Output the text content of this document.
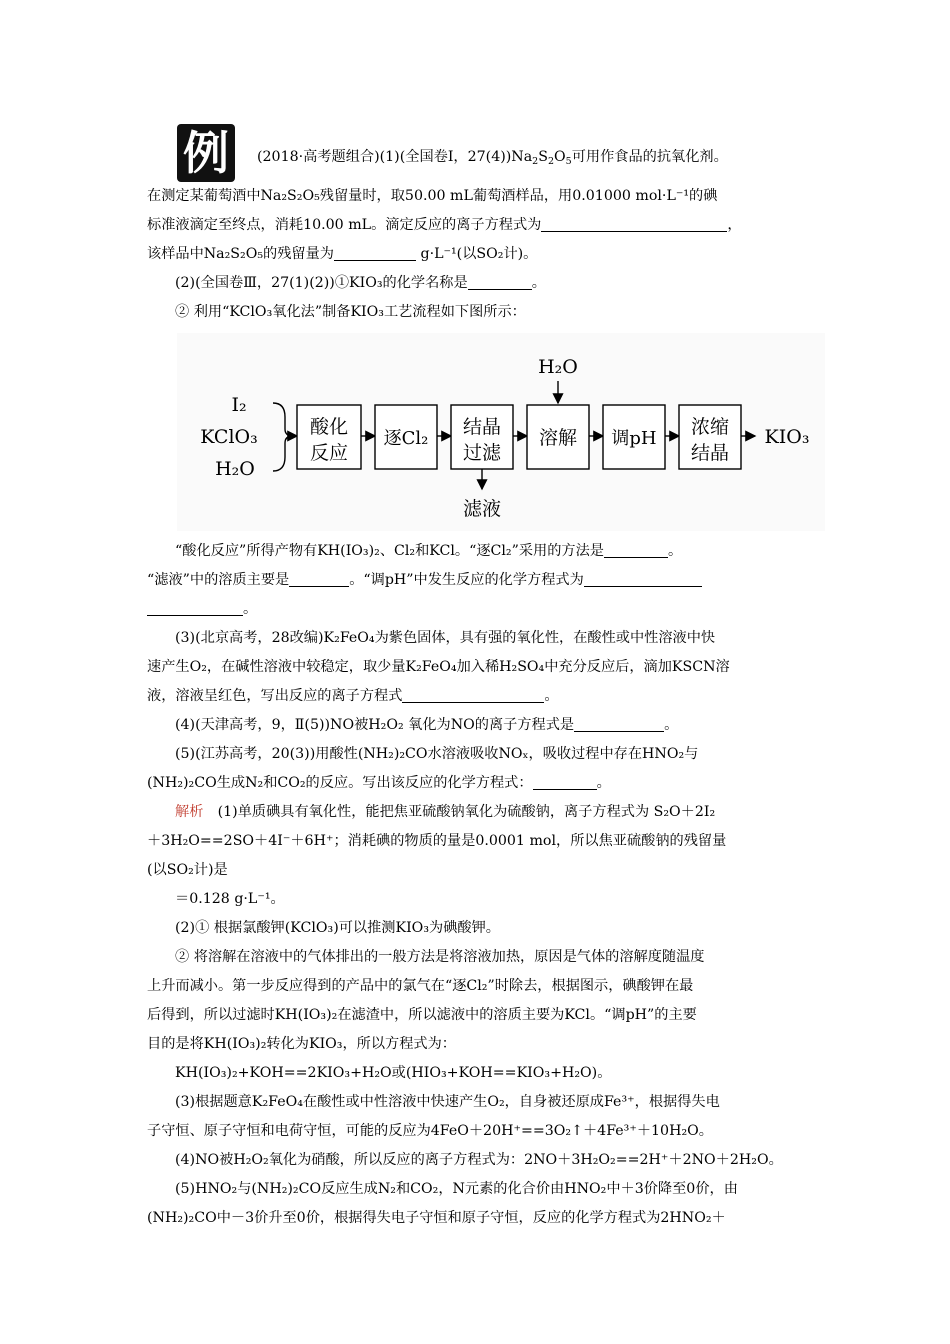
例 (2018·高考题组合)(1)(全国卷Ⅰ，$27(4))Na_2S_2O_5$可用作食品的抗氧化剂。

在测定某葡萄酒中Na₂S₂O₅残留量时，取50.00 mL葡萄酒样品，用0.01000 mol·L⁻¹的碘

标准液滴定至终点，消耗10.00 mL。滴定反应的离子方程式为	，

该样品中Na₂S₂O₅的残留量为	g·L⁻¹(以SO₂计)。

(2)(全国卷Ⅲ，27(1)(2))①KIO₃的化学名称是	。

② 利用“KClO₃氧化法”制备KIO₃工艺流程如下图所示：

I₂
KClO₃
H₂O
酸化
反应
逐Cl₂
结晶
过滤
滤液
H₂O
溶解 调pH
浓缩
结晶
KIO₃

“酸化反应”所得产物有KH(IO₃)₂、Cl₂和KCl。“逐Cl₂”采用的方法是	。

“滤液”中的溶质主要是	。“调pH”中发生反应的化学方程式为

。

(3)(北京高考，28改编)K₂FeO₄为紫色固体，具有强的氧化性，在酸性或中性溶液中快

速产生O₂，在碱性溶液中较稳定，取少量K₂FeO₄加入稀H₂SO₄中充分反应后，滴加KSCN溶

液，溶液呈红色，写出反应的离子方程式	。

(4)(天津高考，9，Ⅱ(5))NO被H₂O₂ 氧化为NO的离子方程式是	。

(5)(江苏高考，20(3))用酸性(NH₂)₂CO水溶液吸收NOₓ，吸收过程中存在HNO₂与

(NH₂)₂CO生成N₂和CO₂的反应。写出该反应的化学方程式：	。

解析　 (1)单质碘具有氧化性，能把焦亚硫酸钠氧化为硫酸钠，离子方程式为 S₂O＋2I₂

＋3H₂O==2SO＋4I⁻＋6H⁺；消耗碘的物质的量是0.0001 mol，所以焦亚硫酸钠的残留量

(以SO₂计)是

＝0.128 g·L⁻¹。

(2)① 根据氯酸钾(KClO₃)可以推测KIO₃为碘酸钾。

② 将溶解在溶液中的气体排出的一般方法是将溶液加热，原因是气体的溶解度随温度

上升而减小。第一步反应得到的产品中的氯气在“逐Cl₂”时除去，根据图示，碘酸钾在最

后得到，所以过滤时KH(IO₃)₂在滤渣中，所以滤液中的溶质主要为KCl。“调pH”的主要

目的是将KH(IO₃)₂转化为KIO₃，所以方程式为：

KH(IO₃)₂+KOH==2KIO₃+H₂O或(HIO₃+KOH==KIO₃+H₂O)。

(3)根据题意K₂FeO₄在酸性或中性溶液中快速产生O₂，自身被还原成Fe³⁺，根据得失电

子守恒、原子守恒和电荷守恒，可能的反应为4FeO＋20H⁺==3O₂↑＋4Fe³⁺＋10H₂O。

(4)NO被H₂O₂氧化为硝酸，所以反应的离子方程式为：2NO＋3H₂O₂==2H⁺＋2NO＋2H₂O。

(5)HNO₂与(NH₂)₂CO反应生成N₂和CO₂，N元素的化合价由HNO₂中＋3价降至0价，由

(NH₂)₂CO中－3价升至0价，根据得失电子守恒和原子守恒，反应的化学方程式为2HNO₂＋
